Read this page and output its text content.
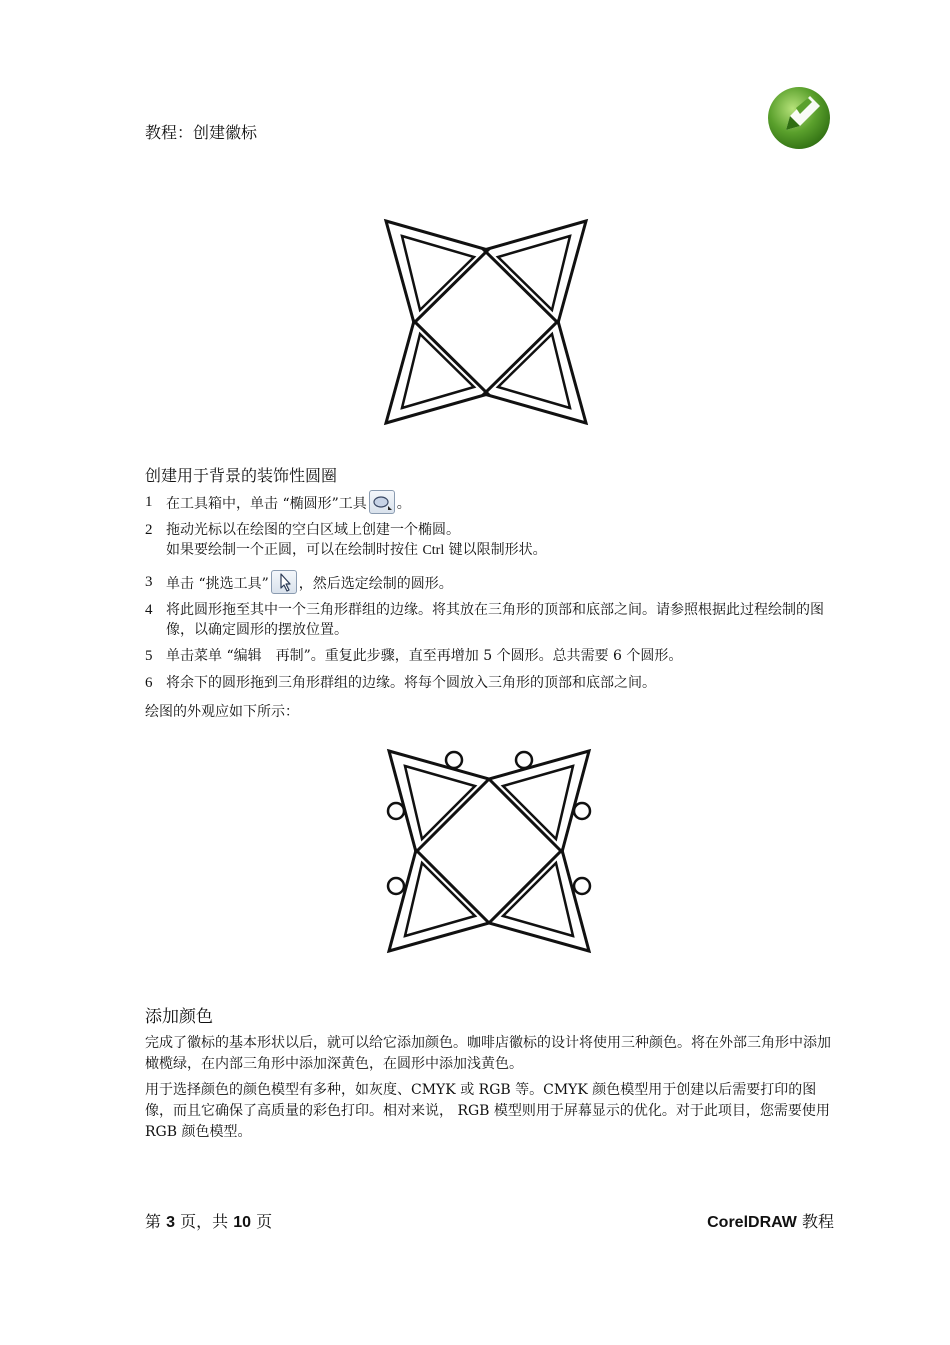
教程：创建徽标
创建用于背景的装饰性圆圈
1 在工具箱中，单击 “椭圆形”工具 。
2 拖动光标以在绘图的空白区域上创建一个椭圆。
如果要绘制一个正圆，可以在绘制时按住 Ctrl 键以限制形状。
3 单击 “挑选工具” ，然后选定绘制的圆形。
4 将此圆形拖至其中一个三角形群组的边缘。将其放在三角形的顶部和底部之间。请参照根据此过程绘制的图像，以确定圆形的摆放位置。
5 单击菜单 “编辑　再制”。重复此步骤，直至再增加 5 个圆形。总共需要 6 个圆形。
6 将余下的圆形拖到三角形群组的边缘。将每个圆放入三角形的顶部和底部之间。
绘图的外观应如下所示：
添加颜色
完成了徽标的基本形状以后，就可以给它添加颜色。咖啡店徽标的设计将使用三种颜色。将在外部三角形中添加橄榄绿，在内部三角形中添加深黄色，在圆形中添加浅黄色。
用于选择颜色的颜色模型有多种，如灰度、CMYK 或 RGB 等。CMYK 颜色模型用于创建以后需要打印的图像，而且它确保了高质量的彩色打印。相对来说， RGB 模型则用于屏幕显示的优化。对于此项目，您需要使用 RGB 颜色模型。
第 3 页，共 10 页	CorelDRAW 教程
